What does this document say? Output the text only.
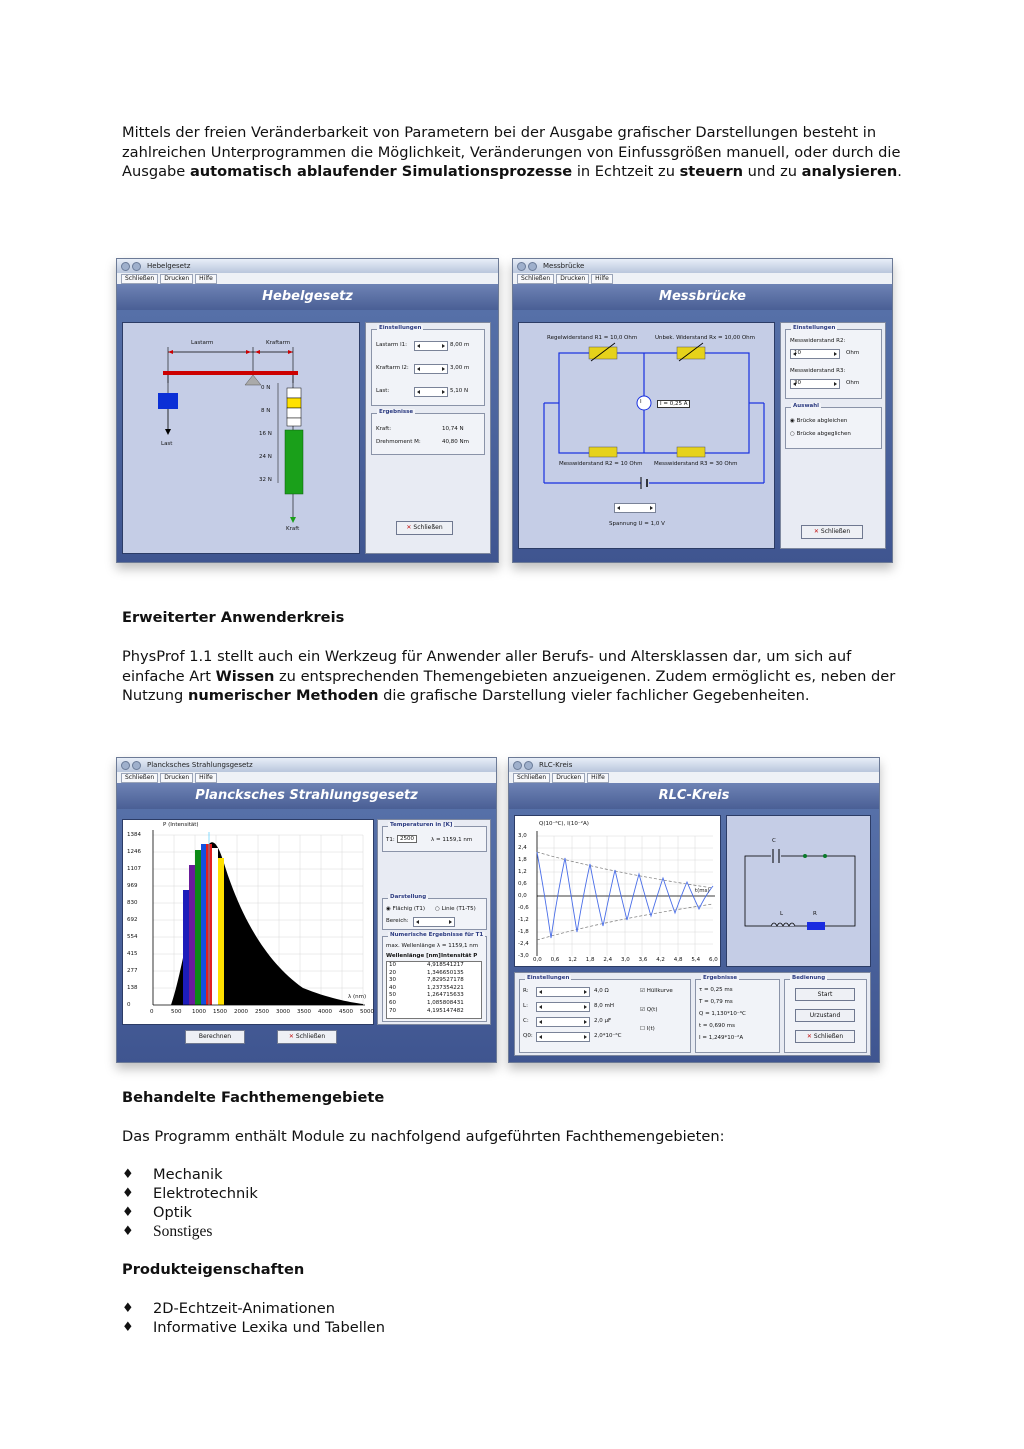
Mittels der freien Veränderbarkeit von Parametern bei der Ausgabe grafischer Darstellungen besteht in zahlreichen Unterprogrammen die Möglichkeit, Veränderungen von Einfussgrößen manuell, oder durch die Ausgabe automatisch ablaufender Simulationsprozesse in Echtzeit zu steuern und zu analysieren.
Hebelgesetz
Schließen Drucken Hilfe
Hebelgesetz
Lastarm	Kraftarm
Last
Kraft
0 N
8 N
16 N
24 N
32 N
Einstellungen
Lastarm l1:	8,00 m
Kraftarm l2:	3,00 m
Last:	5,10 N
Ergebnisse
Kraft:	10,74 N
Drehmoment M:	40,80 Nm
✕ Schließen
Messbrücke
Schließen Drucken Hilfe
Messbrücke
I
Regelwiderstand R1 = 10,0 Ohm	Unbek. Widerstand Rx = 10,00 Ohm
I = 0,25 A
Messwiderstand R2 = 10 Ohm Messwiderstand R3 = 30 Ohm
Spannung U = 1,0 V
Einstellungen
Messwiderstand R2:
10	Ohm
Messwiderstand R3:
30	Ohm
Auswahl
◉ Brücke abgleichen
○ Brücke abgeglichen
✕ Schließen
Erweiterter Anwenderkreis
PhysProf 1.1 stellt auch ein Werkzeug für Anwender aller Berufs- und Altersklassen dar, um sich auf einfache Art Wissen zu entsprechenden Themengebieten anzueigenen. Zudem ermöglicht es, neben der Nutzung numerischer Methoden die grafische Darstellung vieler fachlicher Gegebenheiten.
Plancksches Strahlungsgesetz
Schließen Drucken Hilfe
Plancksches Strahlungsgesetz
P (Intensität)
λ (nm)
1384
1246
1107
969
830
692
554
415
277
138
0
0	500 1000 1500 2000 2500 3000 3500 4000 4500 5000
Temperaturen in [K]
T1: 2500	λ = 1159,1 nm
Darstellung
◉ Flächig (T1) ○ Linie (T1-T5)
Bereich:
Numerische Ergebnisse für T1
max. Wellenlänge λ = 1159,1 nm
Wellenlänge [nm] Intensität P
10	4,918541217
20	1,346650135
30	7,829527178
40	1,237354221
50	1,264715633
60	1,085808431
70	4,195147482
Berechnen	✕ Schließen
RLC-Kreis
Schließen Drucken Hilfe
RLC-Kreis
Q(10⁻⁶C), I(10⁻²A)
t(ms)
3,0
2,4
1,8
1,2
0,6
0,0
-0,6
-1,2
-1,8
-2,4
-3,0
0,0 0,6 1,2 1,8 2,4 3,0 3,6 4,2 4,8 5,4 6,0
C
L	R
Einstellungen
R:	4,0 Ω
L:	8,0 mH
C:	2,0 µF
Q0:	2,0*10⁻⁶C
☑ Hüllkurve
☑ Q(t)
☐ I(t)
Ergebnisse
τ = 0,25 ms
T = 0,79 ms
Q = 1,130*10⁻⁶C
t = 0,690 ms
I = 1,249*10⁻²A
Bedienung
Start
Urzustand
✕ Schließen
Behandelte Fachthemengebiete
Das Programm enthält Module zu nachfolgend aufgeführten Fachthemengebieten:
♦ Mechanik
♦ Elektrotechnik
♦ Optik
♦ Sonstiges
Produkteigenschaften
♦ 2D-Echtzeit-Animationen
♦ Informative Lexika und Tabellen
